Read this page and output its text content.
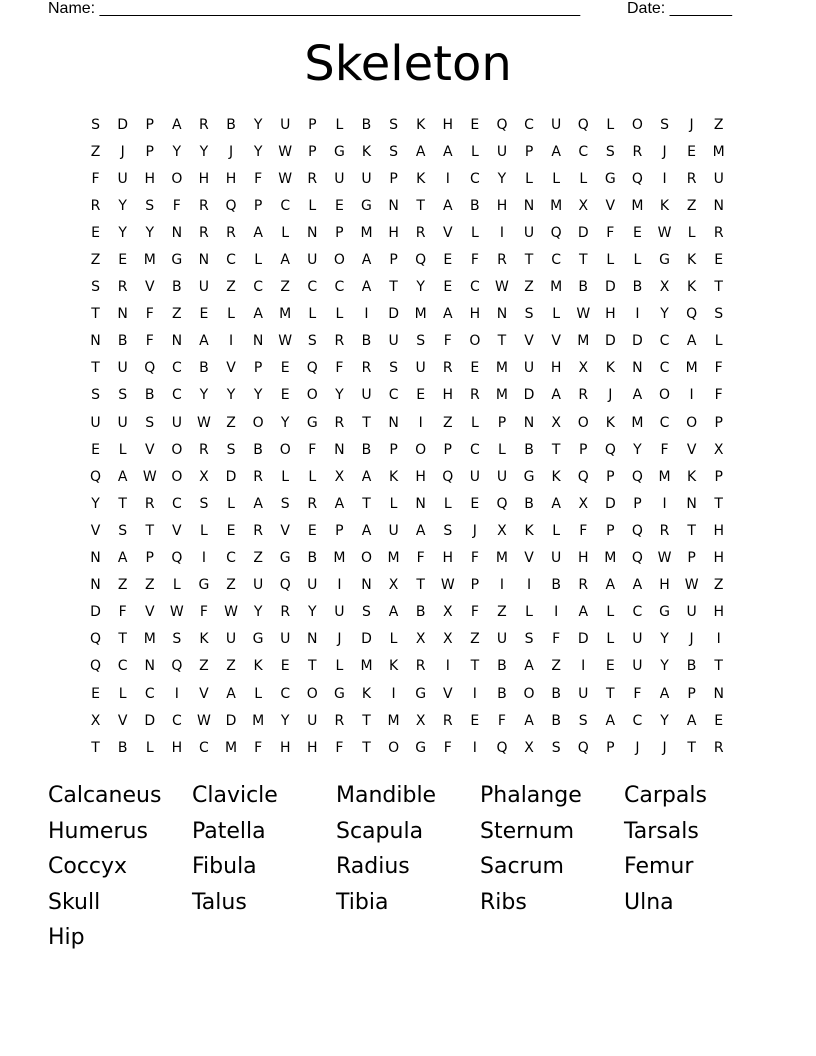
Name: ______________________________________________________	Date: _______
Skeleton
S	D	P	A	R	B	Y	U	P	L	B	S	K	H	E	Q	C	U	Q	L	O	S	J	Z
Z	J	P	Y	Y	J	Y	W	P	G	K	S	A	A	L	U	P	A	C	S	R	J	E	M
F	U	H	O	H	H	F	W	R	U	U	P	K	I	C	Y	L	L	L	G	Q	I	R	U
R	Y	S	F	R	Q	P	C	L	E	G	N	T	A	B	H	N	M	X	V	M	K	Z	N
E	Y	Y	N	R	R	A	L	N	P	M	H	R	V	L	I	U	Q	D	F	E	W	L	R
Z	E	M	G	N	C	L	A	U	O	A	P	Q	E	F	R	T	C	T	L	L	G	K	E
S	R	V	B	U	Z	C	Z	C	C	A	T	Y	E	C	W	Z	M	B	D	B	X	K	T
T	N	F	Z	E	L	A	M	L	L	I	D	M	A	H	N	S	L	W	H	I	Y	Q	S
N	B	F	N	A	I	N	W	S	R	B	U	S	F	O	T	V	V	M	D	D	C	A	L
T	U	Q	C	B	V	P	E	Q	F	R	S	U	R	E	M	U	H	X	K	N	C	M	F
S	S	B	C	Y	Y	Y	E	O	Y	U	C	E	H	R	M	D	A	R	J	A	O	I	F
U	U	S	U	W	Z	O	Y	G	R	T	N	I	Z	L	P	N	X	O	K	M	C	O	P
E	L	V	O	R	S	B	O	F	N	B	P	O	P	C	L	B	T	P	Q	Y	F	V	X
Q	A	W	O	X	D	R	L	L	X	A	K	H	Q	U	U	G	K	Q	P	Q	M	K	P
Y	T	R	C	S	L	A	S	R	A	T	L	N	L	E	Q	B	A	X	D	P	I	N	T
V	S	T	V	L	E	R	V	E	P	A	U	A	S	J	X	K	L	F	P	Q	R	T	H
N	A	P	Q	I	C	Z	G	B	M	O	M	F	H	F	M	V	U	H	M	Q	W	P	H
N	Z	Z	L	G	Z	U	Q	U	I	N	X	T	W	P	I	I	B	R	A	A	H	W	Z
D	F	V	W	F	W	Y	R	Y	U	S	A	B	X	F	Z	L	I	A	L	C	G	U	H
Q	T	M	S	K	U	G	U	N	J	D	L	X	X	Z	U	S	F	D	L	U	Y	J	I
Q	C	N	Q	Z	Z	K	E	T	L	M	K	R	I	T	B	A	Z	I	E	U	Y	B	T
E	L	C	I	V	A	L	C	O	G	K	I	G	V	I	B	O	B	U	T	F	A	P	N
X	V	D	C	W	D	M	Y	U	R	T	M	X	R	E	F	A	B	S	A	C	Y	A	E
T	B	L	H	C	M	F	H	H	F	T	O	G	F	I	Q	X	S	Q	P	J	J	T	R
Calcaneus	Clavicle	Mandible	Phalange	Carpals
Humerus	Patella	Scapula	Sternum	Tarsals
Coccyx	Fibula	Radius	Sacrum	Femur
Skull	Talus	Tibia	Ribs	Ulna
Hip
